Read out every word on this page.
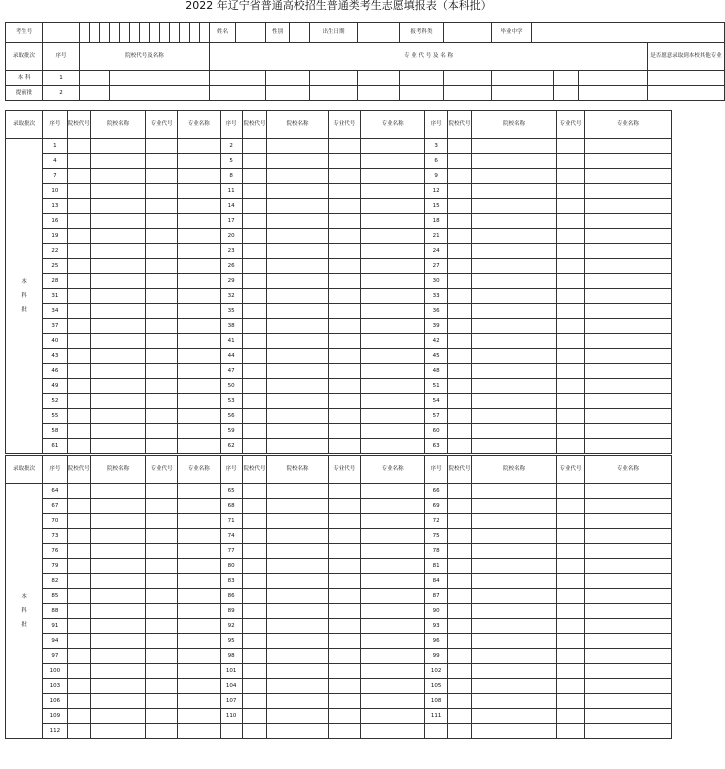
2022 年辽宁省普通高校招生普通类考生志愿填报表（本科批）
考生号															姓名		性别		出生日期		报考科类		毕业中学				
录取批次	序号	院校代号及名称													专 业 代 号 及 名 称												是否愿意录取到本校其他专业
本 科	1																										
提前批	2																										
录取批次	序号	院校代号	院校名称	专业代号	专业名称	序号	院校代号	院校名称	专业代号	专业名称	序号	院校代号	院校名称	专业代号	专业名称

本
科
批	1					2					3				
	4					5					6				
	7					8					9				
	10					11					12				
	13					14					15				
	16					17					18				
	19					20					21				
	22					23					24				
	25					26					27				
	28					29					30				
	31					32					33				
	34					35					36				
	37					38					39				
	40					41					42				
	43					44					45				
	46					47					48				
	49					50					51				
	52					53					54				
	55					56					57				
	58					59					60				
	61					62					63				
录取批次	序号	院校代号	院校名称	专业代号	专业名称	序号	院校代号	院校名称	专业代号	专业名称	序号	院校代号	院校名称	专业代号	专业名称

本
科
批	64					65					66				
	67					68					69				
	70					71					72				
	73					74					75				
	76					77					78				
	79					80					81				
	82					83					84				
	85					86					87				
	88					89					90				
	91					92					93				
	94					95					96				
	97					98					99				
	100					101					102				
	103					104					105				
	106					107					108				
	109					110					111				
	112														
